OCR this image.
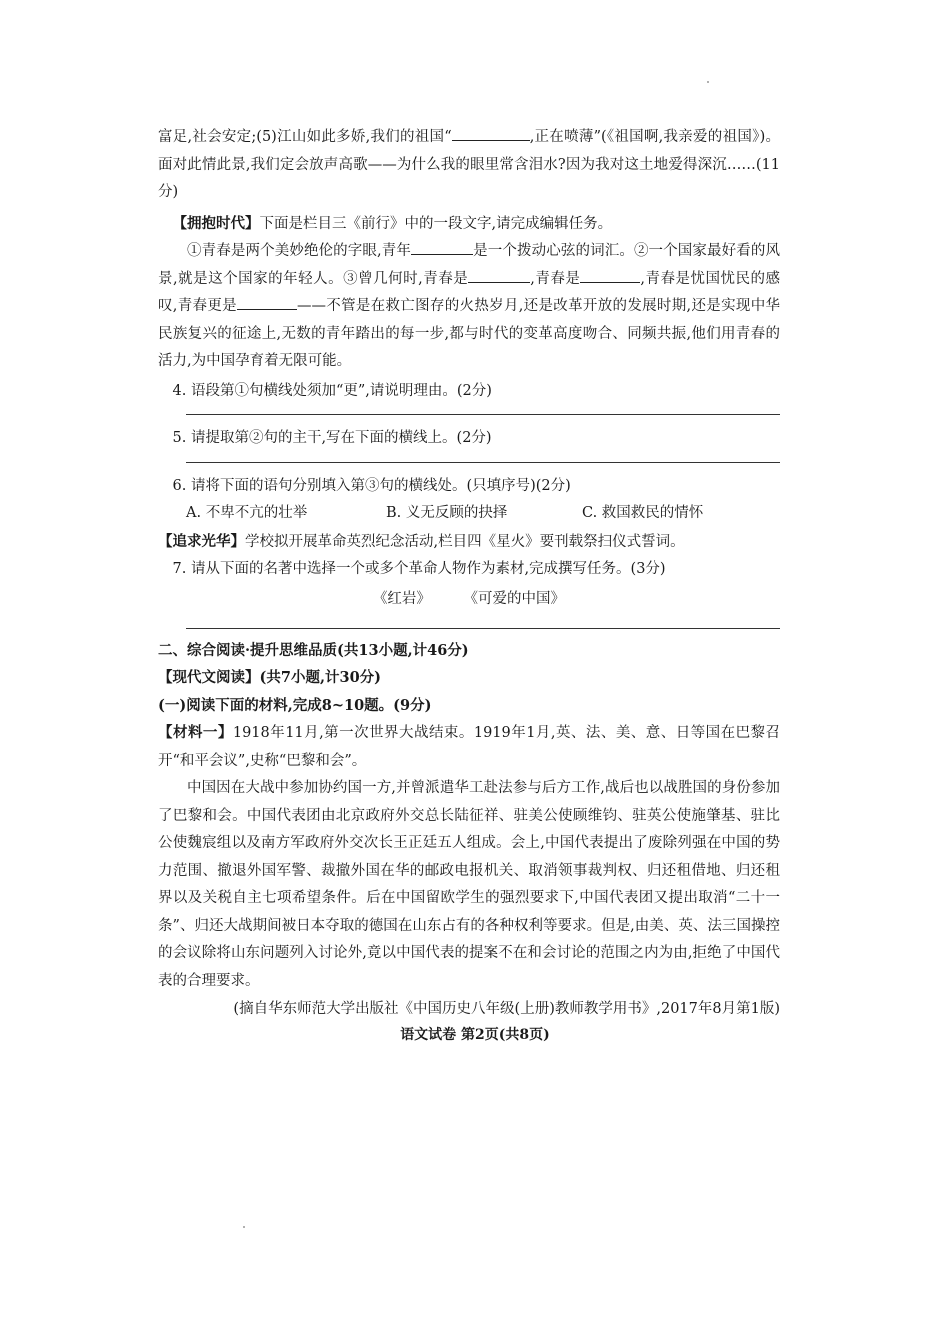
富足,社会安定;(5)江山如此多娇,我们的祖国“	,正在喷薄”(《祖国啊,我亲爱的祖国》)。面对此情此景,我们定会放声高歌——为什么我的眼里常含泪水?因为我对这土地爱得深沉……(11分)

【拥抱时代】下面是栏目三《前行》中的一段文字,请完成编辑任务。

①青春是两个美妙绝伦的字眼,青年	是一个拨动心弦的词汇。②一个国家最好看的风景,就是这个国家的年轻人。③曾几何时,青春是	,青春是	,青春是忧国忧民的感叹,青春更是	——不管是在救亡图存的火热岁月,还是改革开放的发展时期,还是实现中华民族复兴的征途上,无数的青年踏出的每一步,都与时代的变革高度吻合、同频共振,他们用青春的活力,为中国孕育着无限可能。

4. 语段第①句横线处须加“更”,请说明理由。(2分)

5. 请提取第②句的主干,写在下面的横线上。(2分)

6. 请将下面的语句分别填入第③句的横线处。(只填序号)(2分)

A. 不卑不亢的壮举	B. 义无反顾的抉择	C. 救国救民的情怀

【追求光华】学校拟开展革命英烈纪念活动,栏目四《星火》要刊载祭扫仪式誓词。

7. 请从下面的名著中选择一个或多个革命人物作为素材,完成撰写任务。(3分)

《红岩》 《可爱的中国》

二、综合阅读·提升思维品质(共13小题,计46分)

【现代文阅读】(共7小题,计30分)

(一)阅读下面的材料,完成8~10题。(9分)

【材料一】1918年11月,第一次世界大战结束。1919年1月,英、法、美、意、日等国在巴黎召开“和平会议”,史称“巴黎和会”。

中国因在大战中参加协约国一方,并曾派遣华工赴法参与后方工作,战后也以战胜国的身份参加了巴黎和会。中国代表团由北京政府外交总长陆征祥、驻美公使顾维钧、驻英公使施肇基、驻比公使魏宸组以及南方军政府外交次长王正廷五人组成。会上,中国代表提出了废除列强在中国的势力范围、撤退外国军警、裁撤外国在华的邮政电报机关、取消领事裁判权、归还租借地、归还租界以及关税自主七项希望条件。后在中国留欧学生的强烈要求下,中国代表团又提出取消“二十一条”、归还大战期间被日本夺取的德国在山东占有的各种权利等要求。但是,由美、英、法三国操控的会议除将山东问题列入讨论外,竟以中国代表的提案不在和会讨论的范围之内为由,拒绝了中国代表的合理要求。

(摘自华东师范大学出版社《中国历史八年级(上册)教师教学用书》,2017年8月第1版)

语文试卷 第2页(共8页)
